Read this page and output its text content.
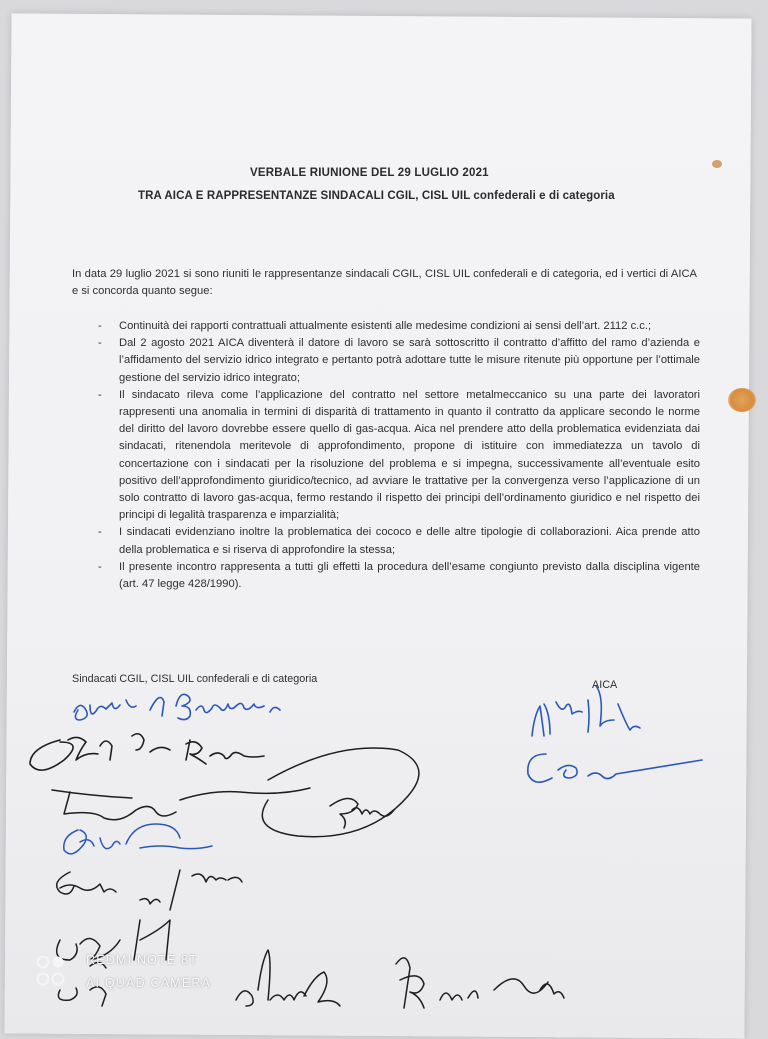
VERBALE RIUNIONE DEL 29 LUGLIO 2021
TRA AICA E RAPPRESENTANZE SINDACALI CGIL, CISL UIL confederali e di categoria
In data 29 luglio 2021 si sono riuniti le rappresentanze sindacali CGIL, CISL UIL confederali e di categoria, ed i vertici di AICA e si concorda quanto segue:
- Continuità dei rapporti contrattuali attualmente esistenti alle medesime condizioni ai sensi dell’art. 2112 c.c.;
- Dal 2 agosto 2021 AICA diventerà il datore di lavoro se sarà sottoscritto il contratto d’affitto del ramo d’azienda e l’affidamento del servizio idrico integrato e pertanto potrà adottare tutte le misure ritenute più opportune per l’ottimale gestione del servizio idrico integrato;
- Il sindacato rileva come l’applicazione del contratto nel settore metalmeccanico su una parte dei lavoratori rappresenti una anomalia in termini di disparità di trattamento in quanto il contratto da applicare secondo le norme del diritto del lavoro dovrebbe essere quello di gas-acqua. Aica nel prendere atto della problematica evidenziata dai sindacati, ritenendola meritevole di approfondimento, propone di istituire con immediatezza un tavolo di concertazione con i sindacati per la risoluzione del problema e si impegna, successivamente all’eventuale esito positivo dell’approfondimento giuridico/tecnico, ad avviare le trattative per la convergenza verso l’applicazione di un solo contratto di lavoro gas-acqua, fermo restando il rispetto dei principi dell’ordinamento giuridico e nel rispetto dei principi di legalità trasparenza e imparzialità;
- I sindacati evidenziano inoltre la problematica dei cococo e delle altre tipologie di collaborazioni. Aica prende atto della problematica e si riserva di approfondire la stessa;
- Il presente incontro rappresenta a tutti gli effetti la procedura dell’esame congiunto previsto dalla disciplina vigente (art. 47 legge 428/1990).
Sindacati CGIL, CISL UIL confederali e di categoria	AICA
REDMI NOTE 8T
AI QUAD CAMERA
